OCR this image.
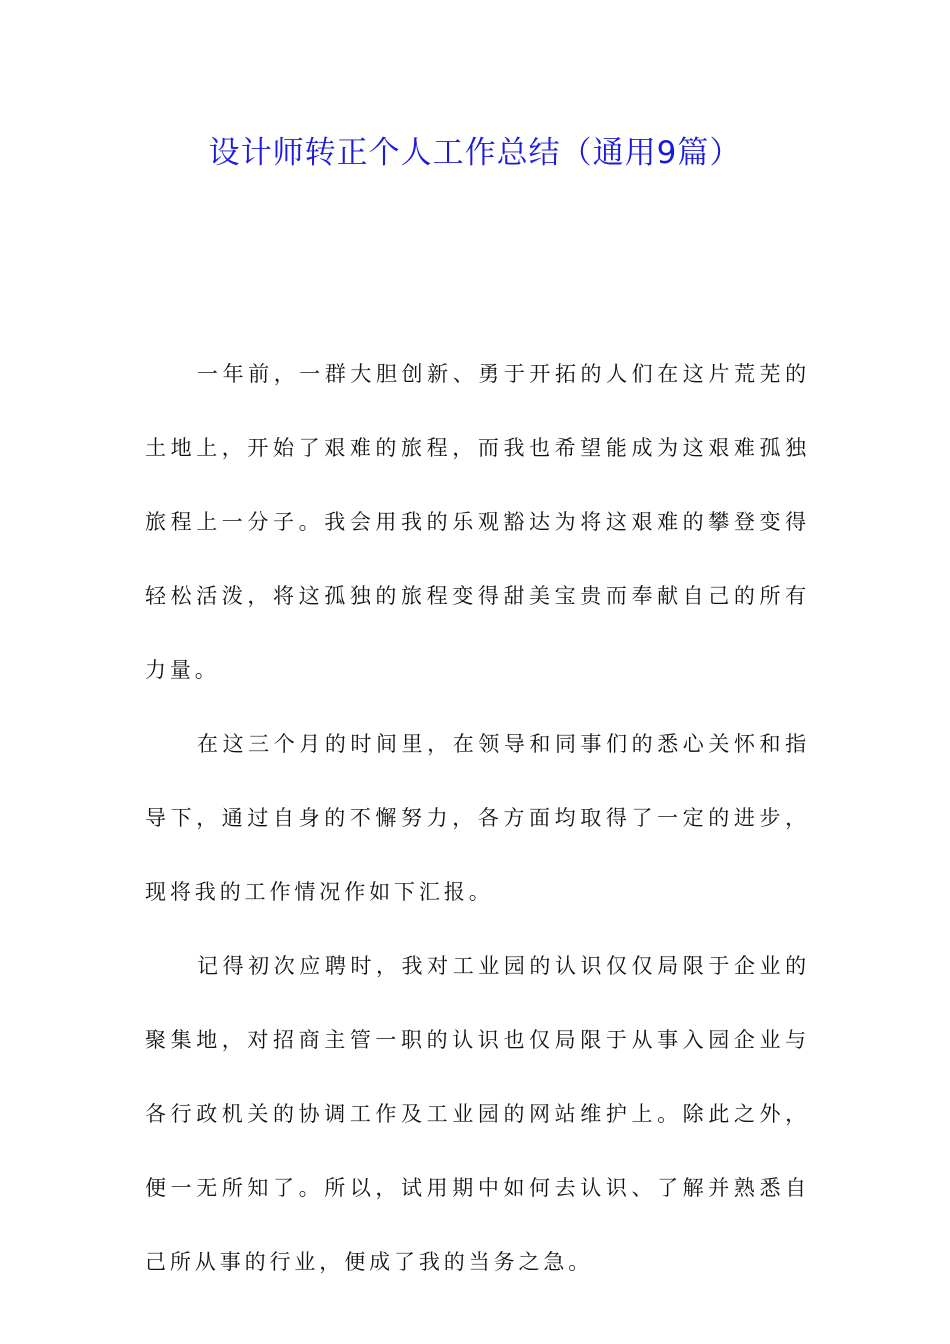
设计师转正个人工作总结（通用9篇）

一年前，一群大胆创新、勇于开拓的人们在这片荒芜的土地上，开始了艰难的旅程，而我也希望能成为这艰难孤独旅程上一分子。我会用我的乐观豁达为将这艰难的攀登变得轻松活泼，将这孤独的旅程变得甜美宝贵而奉献自己的所有力量。

在这三个月的时间里，在领导和同事们的悉心关怀和指导下，通过自身的不懈努力，各方面均取得了一定的进步，现将我的工作情况作如下汇报。

记得初次应聘时，我对工业园的认识仅仅局限于企业的聚集地，对招商主管一职的认识也仅局限于从事入园企业与各行政机关的协调工作及工业园的网站维护上。除此之外，便一无所知了。所以，试用期中如何去认识、了解并熟悉自己所从事的行业，便成了我的当务之急。
